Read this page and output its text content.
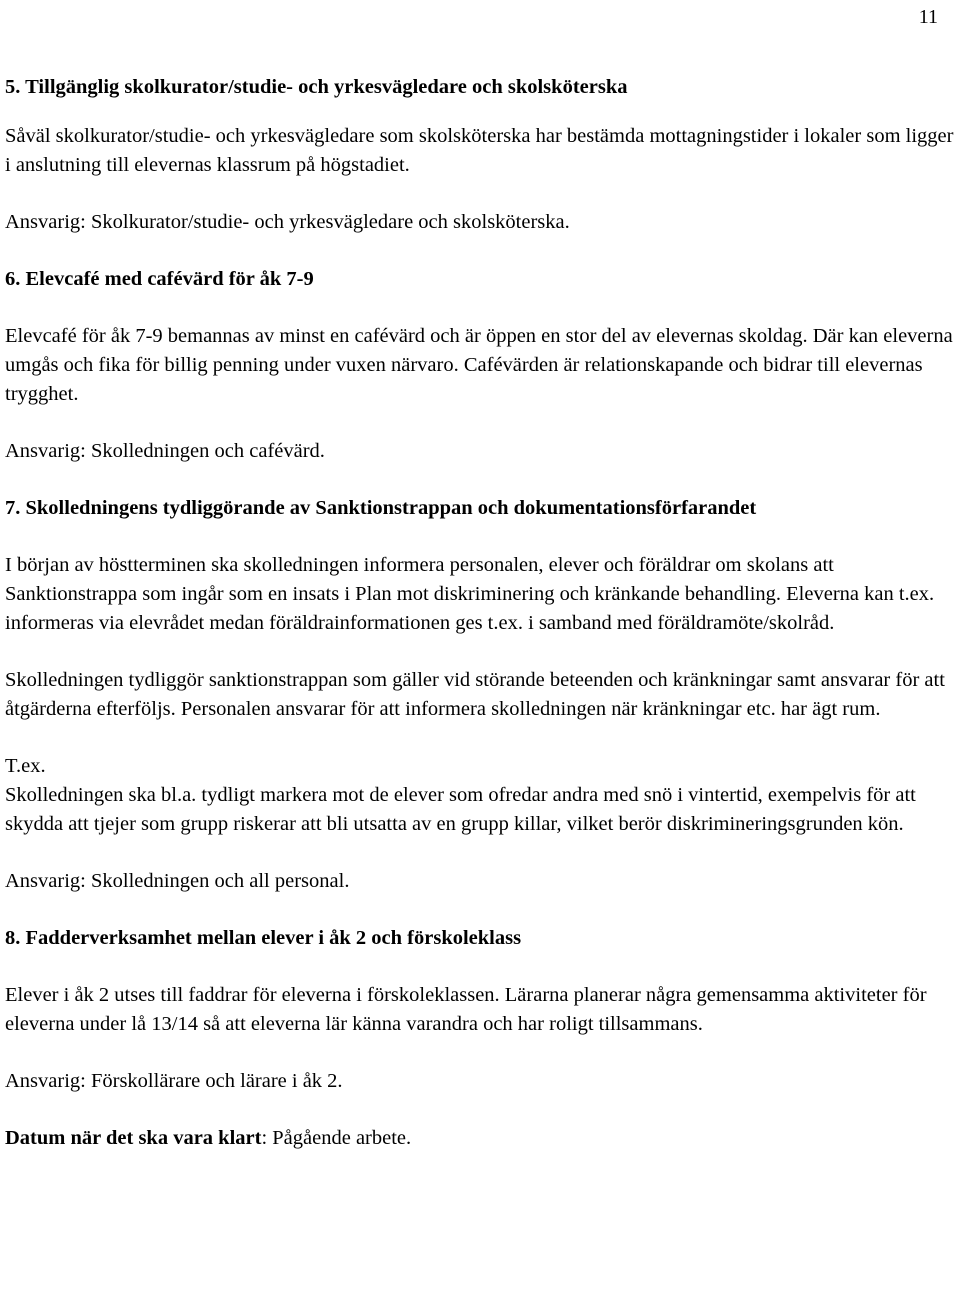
11
5. Tillgänglig skolkurator/studie- och yrkesvägledare och skolsköterska

Såväl skolkurator/studie- och yrkesvägledare som skolsköterska har bestämda mottagningstider i lokaler som ligger i anslutning till elevernas klassrum på högstadiet.

Ansvarig: Skolkurator/studie- och yrkesvägledare och skolsköterska.

6. Elevcafé med cafévärd för åk 7-9

Elevcafé för åk 7-9 bemannas av minst en cafévärd och är öppen en stor del av elevernas skoldag. Där kan eleverna umgås och fika för billig penning under vuxen närvaro. Cafévärden är relationskapande och bidrar till elevernas trygghet.

Ansvarig: Skolledningen och cafévärd.

7. Skolledningens tydliggörande av Sanktionstrappan och dokumentationsförfarandet

I början av höstterminen ska skolledningen informera personalen, elever och föräldrar om skolans att Sanktionstrappa som ingår som en insats i Plan mot diskriminering och kränkande behandling. Eleverna kan t.ex. informeras via elevrådet medan föräldrainformationen ges t.ex. i samband med föräldramöte/skolråd.

Skolledningen tydliggör sanktionstrappan som gäller vid störande beteenden och kränkningar samt ansvarar för att åtgärderna efterföljs. Personalen ansvarar för att informera skolledningen när kränkningar etc. har ägt rum.

T.ex.

Skolledningen ska bl.a. tydligt markera mot de elever som ofredar andra med snö i vintertid, exempelvis för att skydda att tjejer som grupp riskerar att bli utsatta av en grupp killar, vilket berör diskrimineringsgrunden kön.

Ansvarig: Skolledningen och all personal.

8. Fadderverksamhet mellan elever i åk 2 och förskoleklass

Elever i åk 2 utses till faddrar för eleverna i förskoleklassen. Lärarna planerar några gemensamma aktiviteter för eleverna under lå 13/14 så att eleverna lär känna varandra och har roligt tillsammans.

Ansvarig: Förskollärare och lärare i åk 2.

Datum när det ska vara klart: Pågående arbete.
